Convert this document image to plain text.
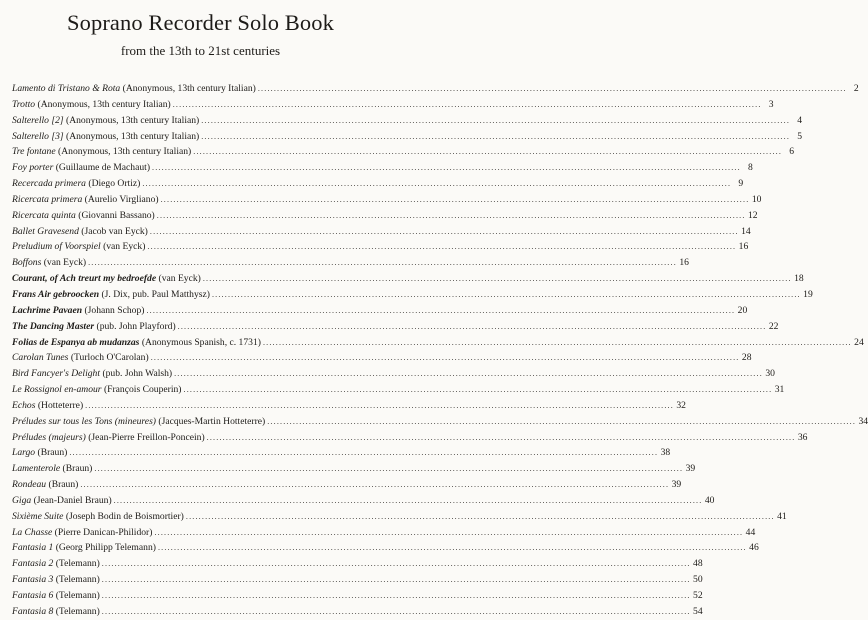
Soprano Recorder Solo Book
from the 13th to 21st centuries
Lamento di Tristano & Rota (Anonymous, 13th century Italian) .....	2
Trotto (Anonymous, 13th century Italian) .....	3
Salterello [2] (Anonymous, 13th century Italian) .....	4
Salterello [3] (Anonymous, 13th century Italian) .....	5
Tre fontane (Anonymous, 13th century Italian) .....	6
Foy porter (Guillaume de Machaut) .....	8
Recercada primera (Diego Ortiz) .....	9
Ricercata primera (Aurelio Virgliano) .....	10
Ricercata quinta (Giovanni Bassano) .....	12
Ballet Gravesend (Jacob van Eyck) .....	14
Preludium of Voorspiel (van Eyck) .....	16
Boffons (van Eyck) .....	16
Courant, of Ach treurt my bedroefde (van Eyck) .....	18
Frans Air gebroocken (J. Dix, pub. Paul Matthysz) .....	19
Lachrime Pavaen (Johann Schop) .....	20
The Dancing Master (pub. John Playford) .....	22
Folias de Espanya ab mudanzas (Anonymous Spanish, c. 1731) .....	24
Carolan Tunes (Turloch O'Carolan) .....	28
Bird Fancyer's Delight (pub. John Walsh) .....	30
Le Rossignol en-amour (François Couperin) .....	31
Echos (Hotteterre) .....	32
Préludes sur tous les Tons (mineures) (Jacques-Martin Hotteterre) .....	34
Préludes (majeurs) (Jean-Pierre Freillon-Poncein) .....	36
Largo (Braun) .....	38
Lamenterole (Braun) .....	39
Rondeau (Braun) .....	39
Giga (Jean-Daniel Braun) .....	40
Sixième Suite (Joseph Bodin de Boismortier) .....	41
La Chasse (Pierre Danican-Philidor) .....	44
Fantasia 1 (Georg Philipp Telemann) .....	46
Fantasia 2 (Telemann) .....	48
Fantasia 3 (Telemann) .....	50
Fantasia 6 (Telemann) .....	52
Fantasia 8 (Telemann) .....	54
